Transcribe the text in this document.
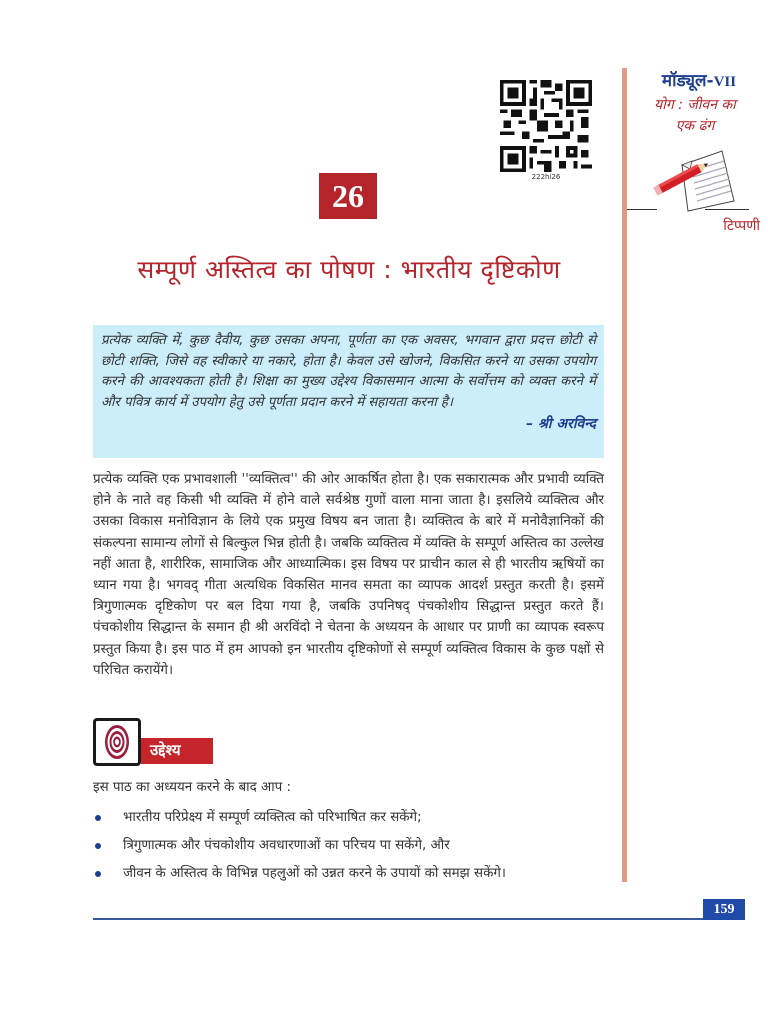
222hi26
26
सम्पूर्ण अस्तित्व का पोषण : भारतीय दृष्टिकोण
मॉड्यूल-VII
योग : जीवन का
एक ढंग
टिप्पणी
प्रत्येक व्यक्ति में, कुछ दैवीय, कुछ उसका अपना, पूर्णता का एक अवसर, भगवान द्वारा प्रदत्त छोटी से छोटी शक्ति, जिसे वह स्वीकारे या नकारे, होता है। केवल उसे खोजने, विकसित करने या उसका उपयोग करने की आवश्यकता होती है। शिक्षा का मुख्य उद्देश्य विकासमान आत्मा के सर्वोत्तम को व्यक्त करने में और पवित्र कार्य में उपयोग हेतु उसे पूर्णता प्रदान करने में सहायता करना है।
– श्री अरविन्द
प्रत्येक व्यक्ति एक प्रभावशाली ''व्यक्तित्व'' की ओर आकर्षित होता है। एक सकारात्मक और प्रभावी व्यक्ति होने के नाते वह किसी भी व्यक्ति में होने वाले सर्वश्रेष्ठ गुणों वाला माना जाता है। इसलिये व्यक्तित्व और उसका विकास मनोविज्ञान के लिये एक प्रमुख विषय बन जाता है। व्यक्तित्व के बारे में मनोवैज्ञानिकों की संकल्पना सामान्य लोगों से बिल्कुल भिन्न होती है। जबकि व्यक्तित्व में व्यक्ति के सम्पूर्ण अस्तित्व का उल्लेख नहीं आता है, शारीरिक, सामाजिक और आध्यात्मिक। इस विषय पर प्राचीन काल से ही भारतीय ऋषियों का ध्यान गया है। भगवद् गीता अत्यधिक विकसित मानव समता का व्यापक आदर्श प्रस्तुत करती है। इसमें त्रिगुणात्मक दृष्टिकोण पर बल दिया गया है, जबकि उपनिषद् पंचकोशीय सिद्धान्त प्रस्तुत करते हैं। पंचकोशीय सिद्धान्त के समान ही श्री अरविंदो ने चेतना के अध्ययन के आधार पर प्राणी का व्यापक स्वरूप प्रस्तुत किया है। इस पाठ में हम आपको इन भारतीय दृष्टिकोणों से सम्पूर्ण व्यक्तित्व विकास के कुछ पक्षों से परिचित करायेंगे।
उद्देश्य
इस पाठ का अध्ययन करने के बाद आप :
भारतीय परिप्रेक्ष्य में सम्पूर्ण व्यक्तित्व को परिभाषित कर सकेंगे;
त्रिगुणात्मक और पंचकोशीय अवधारणाओं का परिचय पा सकेंगे, और
जीवन के अस्तित्व के विभिन्न पहलुओं को उन्नत करने के उपायों को समझ सकेंगे।
159
